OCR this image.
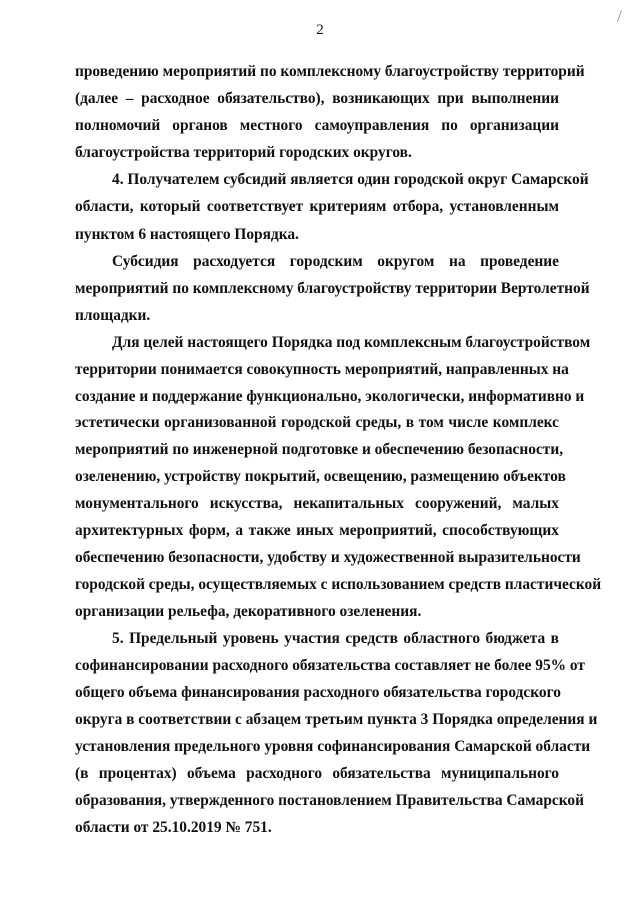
2
проведению мероприятий по комплексному благоустройству территорий
(далее – расходное обязательство), возникающих при выполнении
полномочий органов местного самоуправления по организации
благоустройства территорий городских округов.
4. Получателем субсидий является один городской округ Самарской
области, который соответствует критериям отбора, установленным
пунктом 6 настоящего Порядка.
Субсидия расходуется городским округом на проведение
мероприятий по комплексному благоустройству территории Вертолетной
площадки.
Для целей настоящего Порядка под комплексным благоустройством
территории понимается совокупность мероприятий, направленных на
создание и поддержание функционально, экологически, информативно и
эстетически организованной городской среды, в том числе комплекс
мероприятий по инженерной подготовке и обеспечению безопасности,
озеленению, устройству покрытий, освещению, размещению объектов
монументального искусства, некапитальных сооружений, малых
архитектурных форм, а также иных мероприятий, способствующих
обеспечению безопасности, удобству и художественной выразительности
городской среды, осуществляемых с использованием средств пластической
организации рельефа, декоративного озеленения.
5. Предельный уровень участия средств областного бюджета в
софинансировании расходного обязательства составляет не более 95% от
общего объема финансирования расходного обязательства городского
округа в соответствии с абзацем третьим пункта 3 Порядка определения и
установления предельного уровня софинансирования Самарской области
(в процентах) объема расходного обязательства муниципального
образования, утвержденного постановлением Правительства Самарской
области от 25.10.2019 № 751.
